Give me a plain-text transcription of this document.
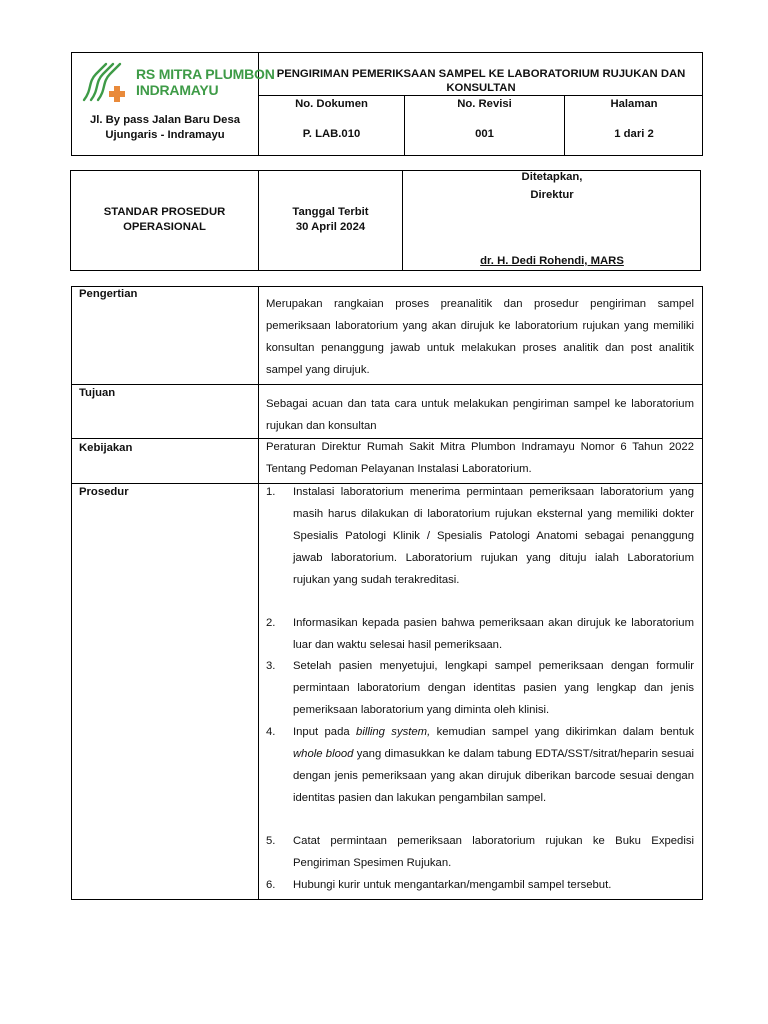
RS MITRA PLUMBON
INDRAMAYU
Jl. By pass Jalan Baru Desa
Ujungaris - Indramayu
PENGIRIMAN PEMERIKSAAN SAMPEL KE LABORATORIUM RUJUKAN DAN
KONSULTAN
No. Dokumen
P. LAB.010
No. Revisi
001
Halaman
1 dari 2
STANDAR PROSEDUR
OPERASIONAL
Tanggal Terbit
30 April 2024
Ditetapkan,
Direktur
dr. H. Dedi Rohendi, MARS
Pengertian
Merupakan rangkaian proses preanalitik dan prosedur pengiriman sampel pemeriksaan laboratorium yang akan dirujuk ke laboratorium rujukan yang memiliki konsultan penanggung jawab untuk melakukan proses analitik dan post analitik sampel yang dirujuk.
Tujuan
Sebagai acuan dan tata cara untuk melakukan pengiriman sampel ke laboratorium rujukan dan konsultan
Kebijakan	Peraturan Direktur Rumah Sakit Mitra Plumbon Indramayu Nomor 6 Tahun 2022 Tentang Pedoman Pelayanan Instalasi Laboratorium.
Prosedur	1. Instalasi laboratorium menerima permintaan pemeriksaan laboratorium yang masih harus dilakukan di laboratorium rujukan eksternal yang memiliki dokter Spesialis Patologi Klinik / Spesialis Patologi Anatomi sebagai penanggung jawab laboratorium. Laboratorium rujukan yang dituju ialah Laboratorium rujukan yang sudah terakreditasi.
2. Informasikan kepada pasien bahwa pemeriksaan akan dirujuk ke laboratorium luar dan waktu selesai hasil pemeriksaan.
3. Setelah pasien menyetujui, lengkapi sampel pemeriksaan dengan formulir permintaan laboratorium dengan identitas pasien yang lengkap dan jenis pemeriksaan laboratorium yang diminta oleh klinisi.
4. Input pada billing system, kemudian sampel yang dikirimkan dalam bentuk whole blood yang dimasukkan ke dalam tabung EDTA/SST/sitrat/heparin sesuai dengan jenis pemeriksaan yang akan dirujuk diberikan barcode sesuai dengan identitas pasien dan lakukan pengambilan sampel.
5. Catat permintaan pemeriksaan laboratorium rujukan ke Buku Expedisi Pengiriman Spesimen Rujukan.
6. Hubungi kurir untuk mengantarkan/mengambil sampel tersebut.
